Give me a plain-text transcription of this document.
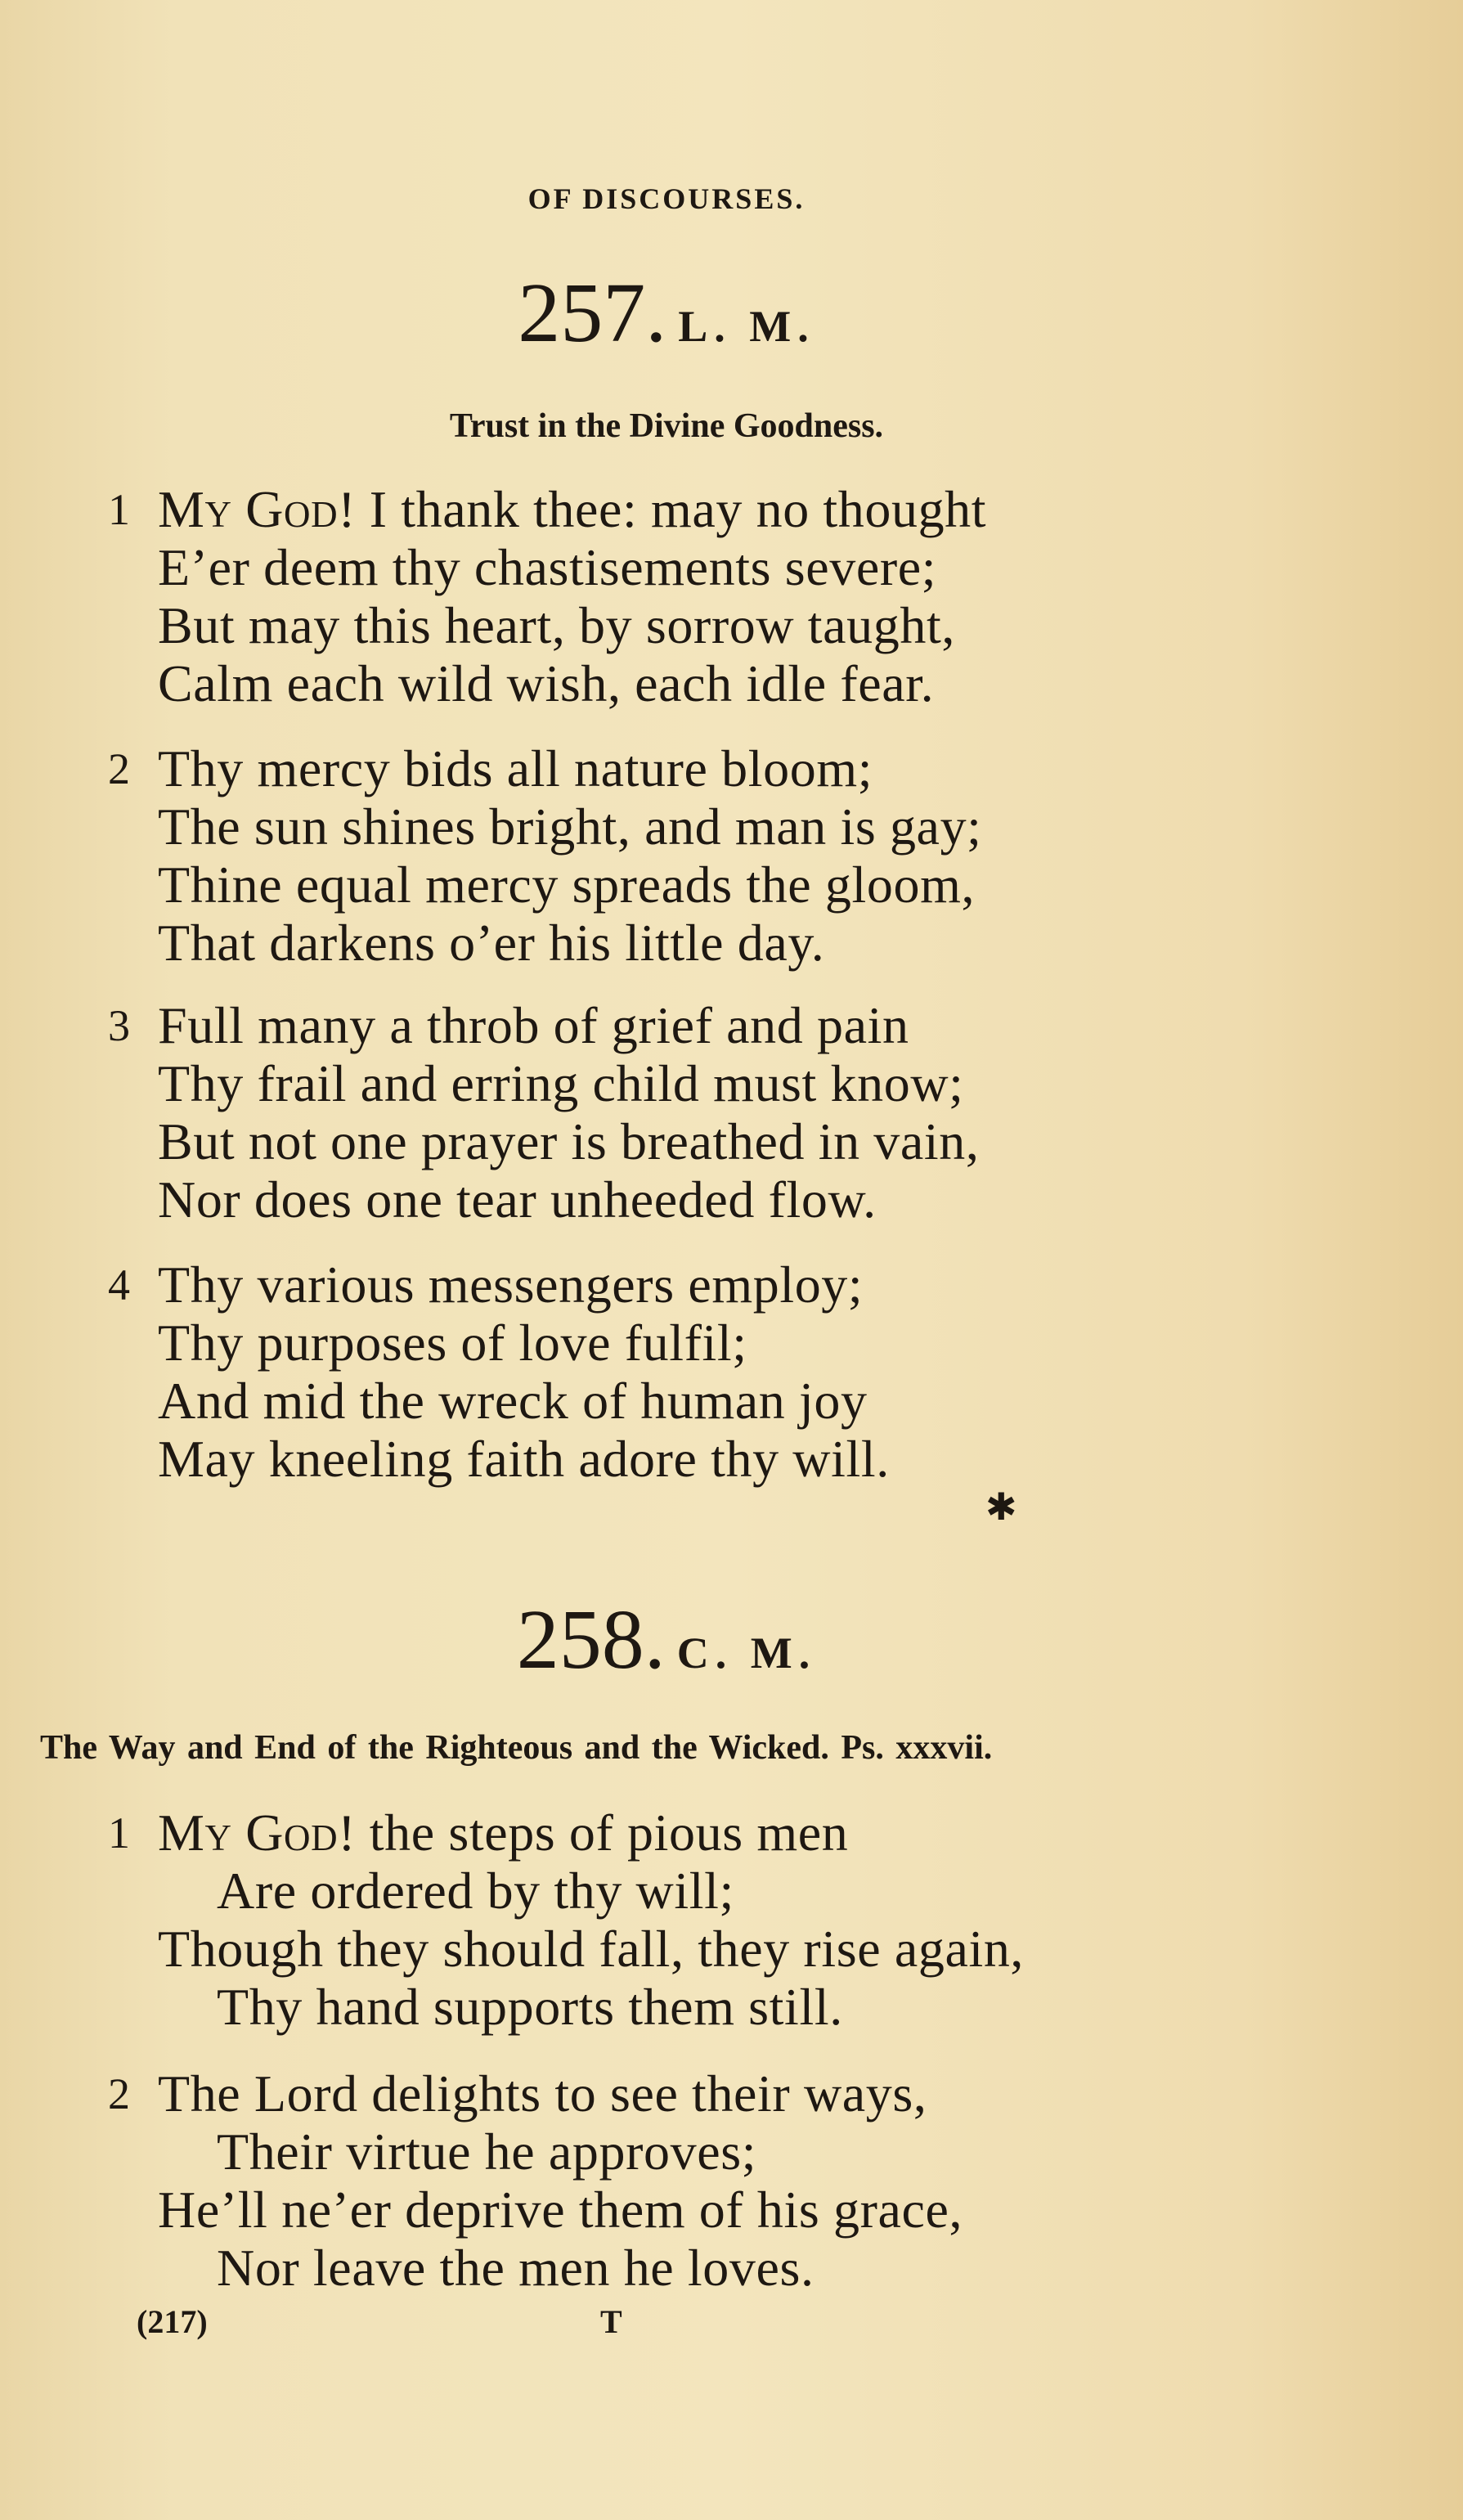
OF DISCOURSES.
257. L. M.
Trust in the Divine Goodness.
1 My God! I thank thee: may no thought
E’er deem thy chastisements severe;
But may this heart, by sorrow taught,
Calm each wild wish, each idle fear.
2 Thy mercy bids all nature bloom;
The sun shines bright, and man is gay;
Thine equal mercy spreads the gloom,
That darkens o’er his little day.
3 Full many a throb of grief and pain
Thy frail and erring child must know;
But not one prayer is breathed in vain,
Nor does one tear unheeded flow.
4 Thy various messengers employ;
Thy purposes of love fulfil;
And mid the wreck of human joy
May kneeling faith adore thy will.
✱
258. C. M.
The Way and End of the Righteous and the Wicked. Ps. xxxvii.
1 My God! the steps of pious men
Are ordered by thy will;
Though they should fall, they rise again,
Thy hand supports them still.
2 The Lord delights to see their ways,
Their virtue he approves;
He’ll ne’er deprive them of his grace,
Nor leave the men he loves.
(217)	T
